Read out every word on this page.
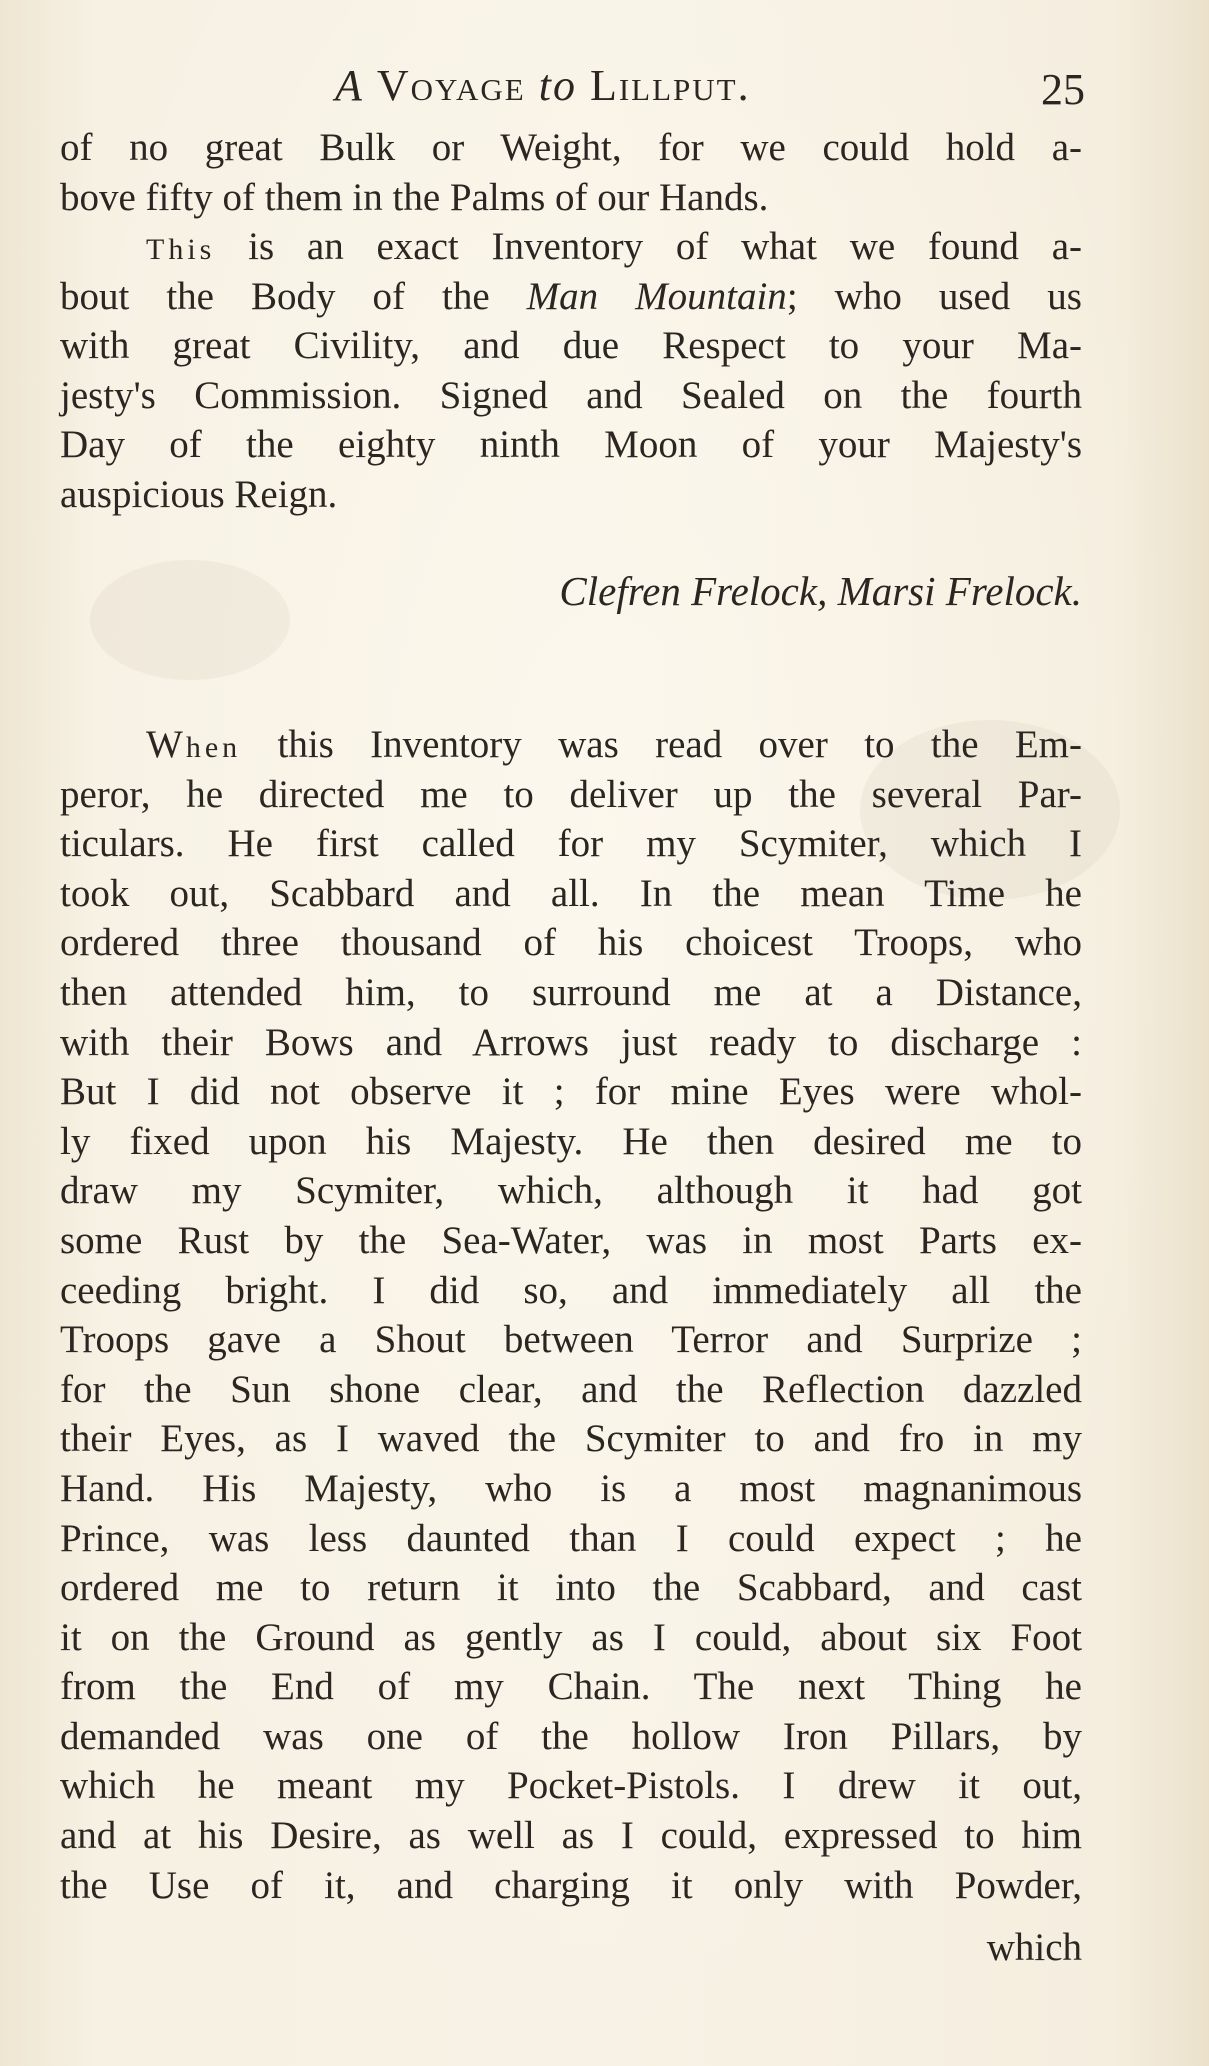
A Voyage to Lillput.	25
of no great Bulk or Weight, for we could hold a-
bove fifty of them in the Palms of our Hands.
This is an exact Inventory of what we found a-
bout the Body of the Man Mountain; who used us
with great Civility, and due Respect to your Ma-
jesty's Commission. Signed and Sealed on the fourth
Day of the eighty ninth Moon of your Majesty's
auspicious Reign.
Clefren Frelock, Marsi Frelock.
When this Inventory was read over to the Em-
peror, he directed me to deliver up the several Par-
ticulars. He first called for my Scymiter, which I
took out, Scabbard and all. In the mean Time he
ordered three thousand of his choicest Troops, who
then attended him, to surround me at a Distance,
with their Bows and Arrows just ready to discharge :
But I did not observe it ; for mine Eyes were whol-
ly fixed upon his Majesty. He then desired me to
draw my Scymiter, which, although it had got
some Rust by the Sea-Water, was in most Parts ex-
ceeding bright. I did so, and immediately all the
Troops gave a Shout between Terror and Surprize ;
for the Sun shone clear, and the Reflection dazzled
their Eyes, as I waved the Scymiter to and fro in my
Hand. His Majesty, who is a most magnanimous
Prince, was less daunted than I could expect ; he
ordered me to return it into the Scabbard, and cast
it on the Ground as gently as I could, about six Foot
from the End of my Chain. The next Thing he
demanded was one of the hollow Iron Pillars, by
which he meant my Pocket-Pistols. I drew it out,
and at his Desire, as well as I could, expressed to him
the Use of it, and charging it only with Powder,
which
